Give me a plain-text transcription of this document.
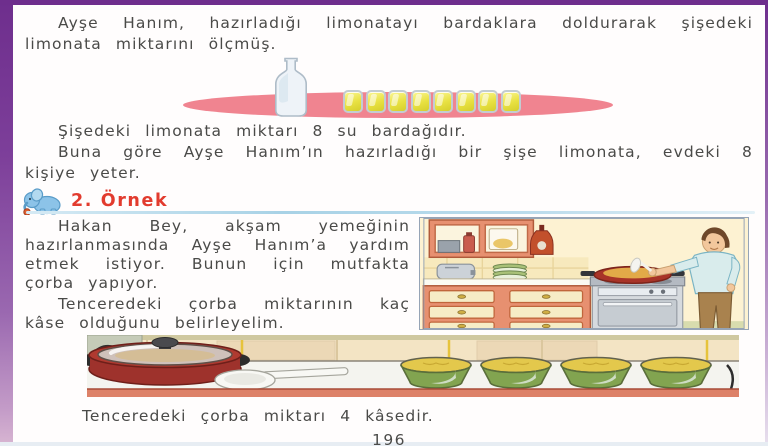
Ayşe Hanım, hazırladığı limonatayı bardaklara doldurarak şişedeki limonata miktarını ölçmüş.

Şişedeki limonata miktarı 8 su bardağıdır.

Buna göre Ayşe Hanım’ın hazırladığı bir şişe limonata, evdeki 8 kişiye yeter.

2. Örnek

Hakan Bey, akşam yemeğinin hazırlanmasında Ayşe Hanım’a yardım etmek istiyor. Bunun için mutfakta çorba yapıyor.

Tenceredeki çorba miktarının kaç kâse olduğunu belirleyelim.

Tenceredeki çorba miktarı 4 kâsedir.

196
